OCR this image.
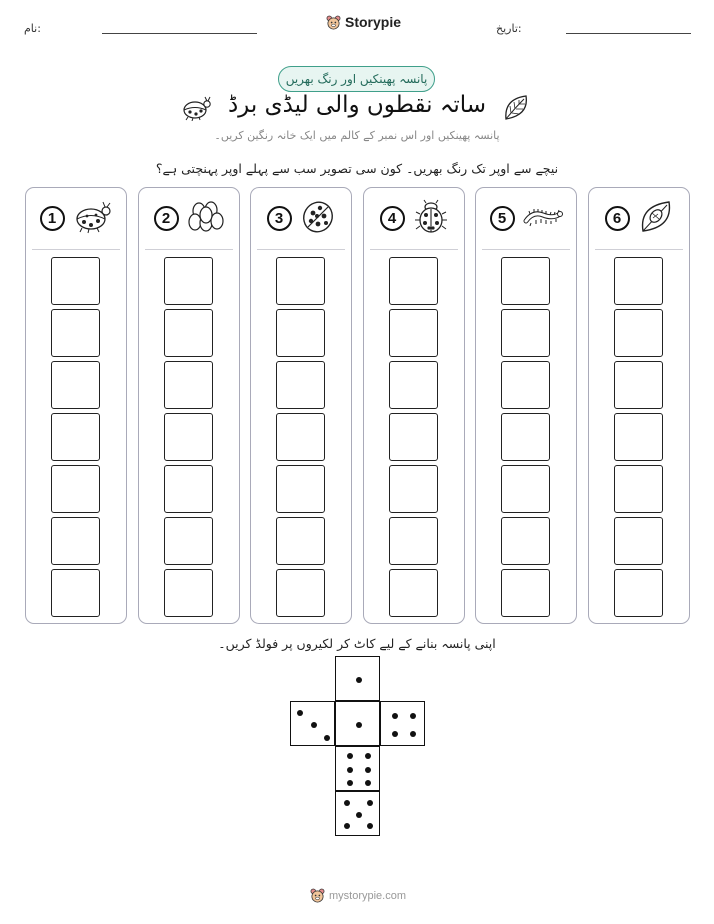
نام:	Storypie	تاریخ:
پانسہ پھینکیں اور رنگ بھریں
ساتہ نقطوں والی لیڈی برڈ
پانسہ پھینکیں اور اس نمبر کے کالم میں ایک خانہ رنگین کریں۔
نیچے سے اوپر تک رنگ بھریں۔ کون سی تصویر سب سے پہلے اوپر پہنچتی ہے؟
1	2	3	4	5	6
اپنی پانسہ بنانے کے لیے کاٹ کر لکیروں پر فولڈ کریں۔
mystorypie.com
